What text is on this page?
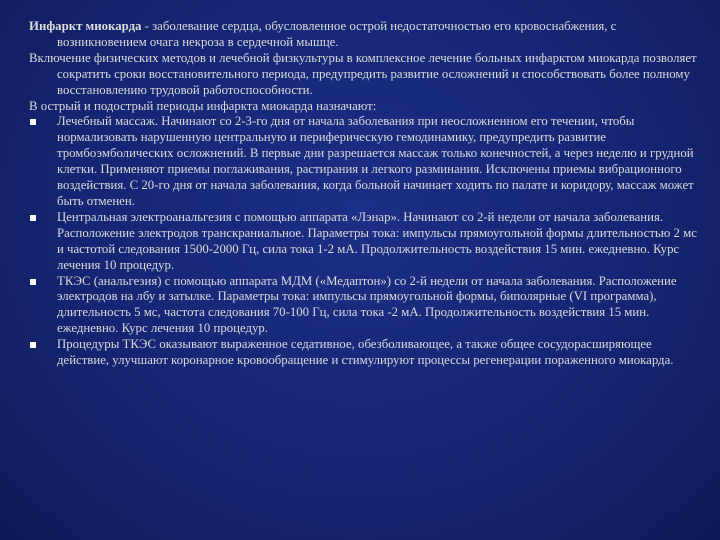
Инфаркт миокарда - заболевание сердца, обусловленное острой недостаточностью его кровоснабжения, с возникновением очага некроза в сердечной мышце.

Включение физических методов и лечебной физкультуры в комплексное лечение больных инфарктом миокарда позволяет сократить сроки восстановительного периода, предупредить развитие осложнений и способствовать более полному восстановлению трудовой работоспособности.

В острый и подострый периоды инфаркта миокарда назначают:

Лечебный массаж. Начинают со 2-3-го дня от начала заболевания при неосложненном его течении, чтобы нормализовать нарушенную центральную и периферическую гемодинамику, предупредить развитие тромбоэмболических осложнений. В первые дни разрешается массаж только конечностей, а через неделю и грудной клетки. Применяют приемы поглаживания, растирания и легкого разминания. Исключены приемы вибрационного воздействия. С 20-го дня от начала заболевания, когда больной начинает ходить по палате и коридору, массаж может быть отменен.
Центральная электроанальгезия с помощью аппарата «Лэнар». Начинают со 2-й недели от начала заболевания. Расположение электродов транскраниальное. Параметры тока: импульсы прямоугольной формы длительностью 2 мс и частотой следования 1500-2000 Гц, сила тока 1-2 мА. Продолжительность воздействия 15 мин. ежедневно. Курс лечения 10 процедур.
ТКЭС (анальгезия) с помощью аппарата МДМ («Медаптон») со 2-й недели от начала заболевания. Расположение электродов на лбу и затылке. Параметры тока: импульсы прямоугольной формы, биполярные (VI программа), длительность 5 мс, частота следования 70-100 Гц, сила тока -2 мА. Продолжительность воздействия 15 мин. ежедневно. Курс лечения 10 процедур.
Процедуры ТКЭС оказывают выраженное седативное, обезболивающее, а также общее сосудорасширяющее действие, улучшают коронарное кровообращение и стимулируют процессы регенерации пораженного миокарда.
